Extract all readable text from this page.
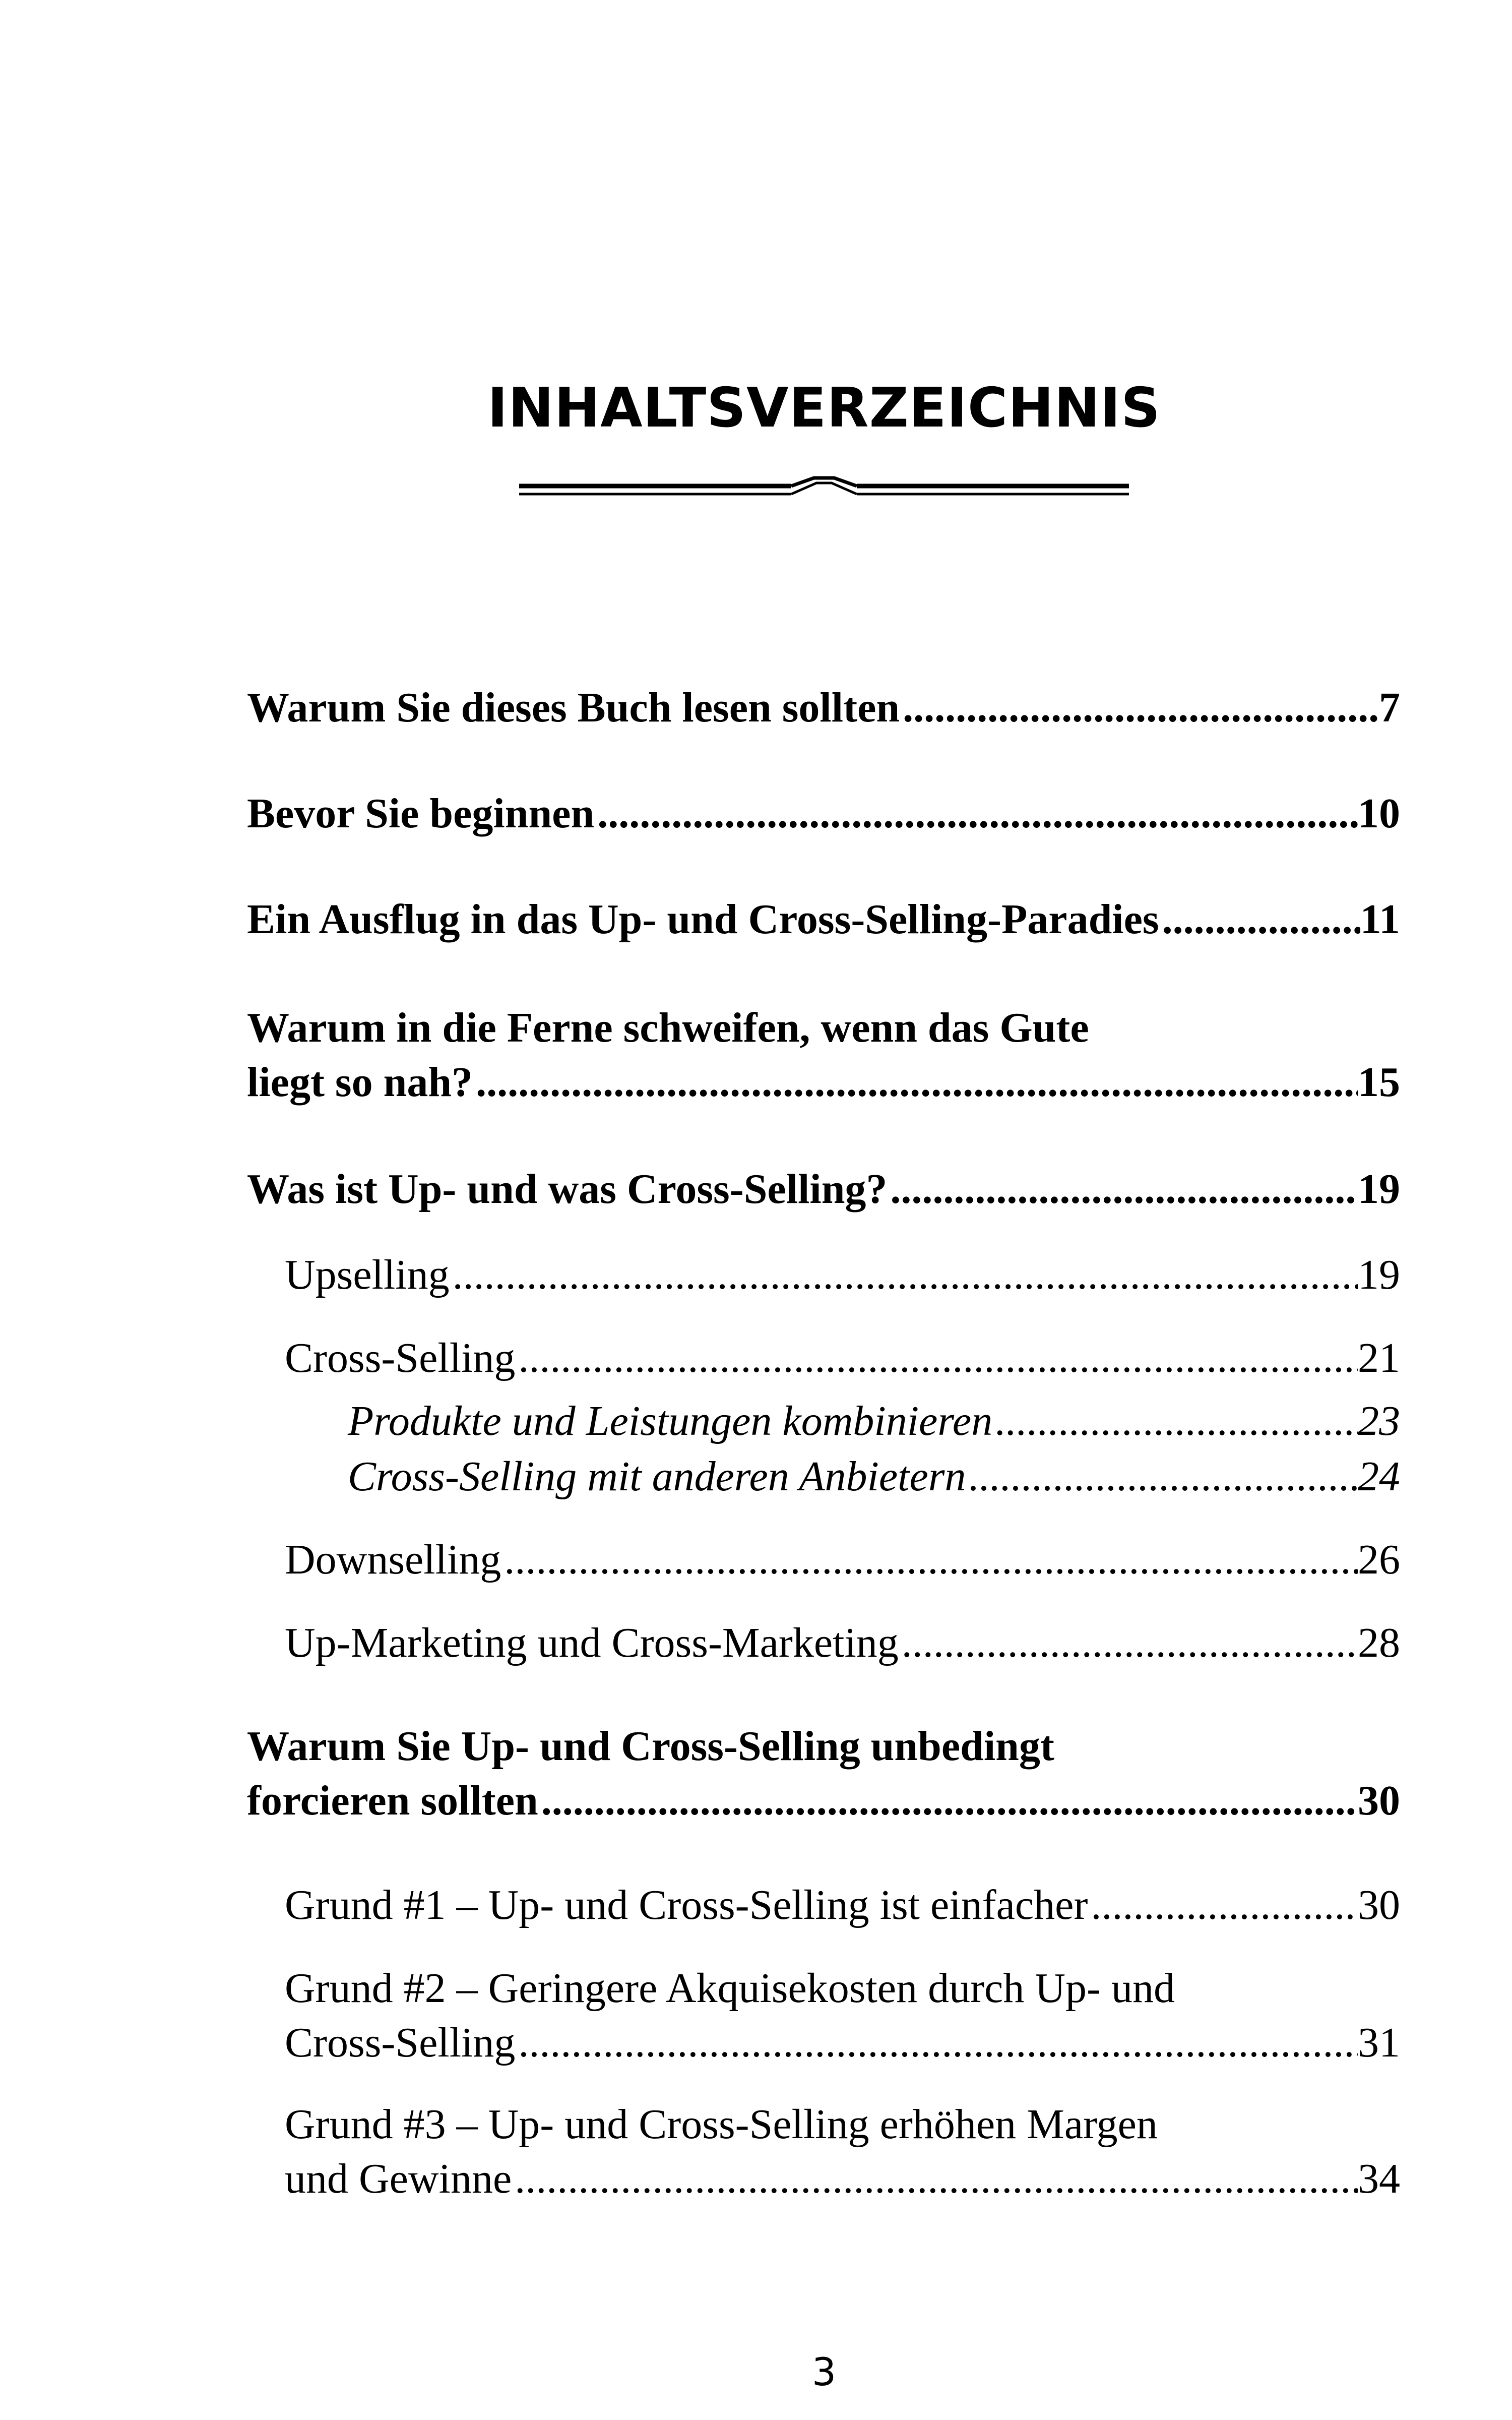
INHALTSVERZEICHNIS
Warum Sie dieses Buch lesen sollten .....	7
Bevor Sie beginnen .....	10
Ein Ausflug in das Up- und Cross-Selling-Paradies .....	11
Warum in die Ferne schweifen, wenn das Gute
liegt so nah? .....	15
Was ist Up- und was Cross-Selling? .....	19
Upselling .....	19
Cross-Selling .....	21
Produkte und Leistungen kombinieren .....	23
Cross-Selling mit anderen Anbietern .....	24
Downselling .....	26
Up-Marketing und Cross-Marketing .....	28
Warum Sie Up- und Cross-Selling unbedingt
forcieren sollten .....	30
Grund #1 – Up- und Cross-Selling ist einfacher .....	30
Grund #2 – Geringere Akquisekosten durch Up- und
Cross-Selling .....	31
Grund #3 – Up- und Cross-Selling erhöhen Margen
und Gewinne .....	34
3
